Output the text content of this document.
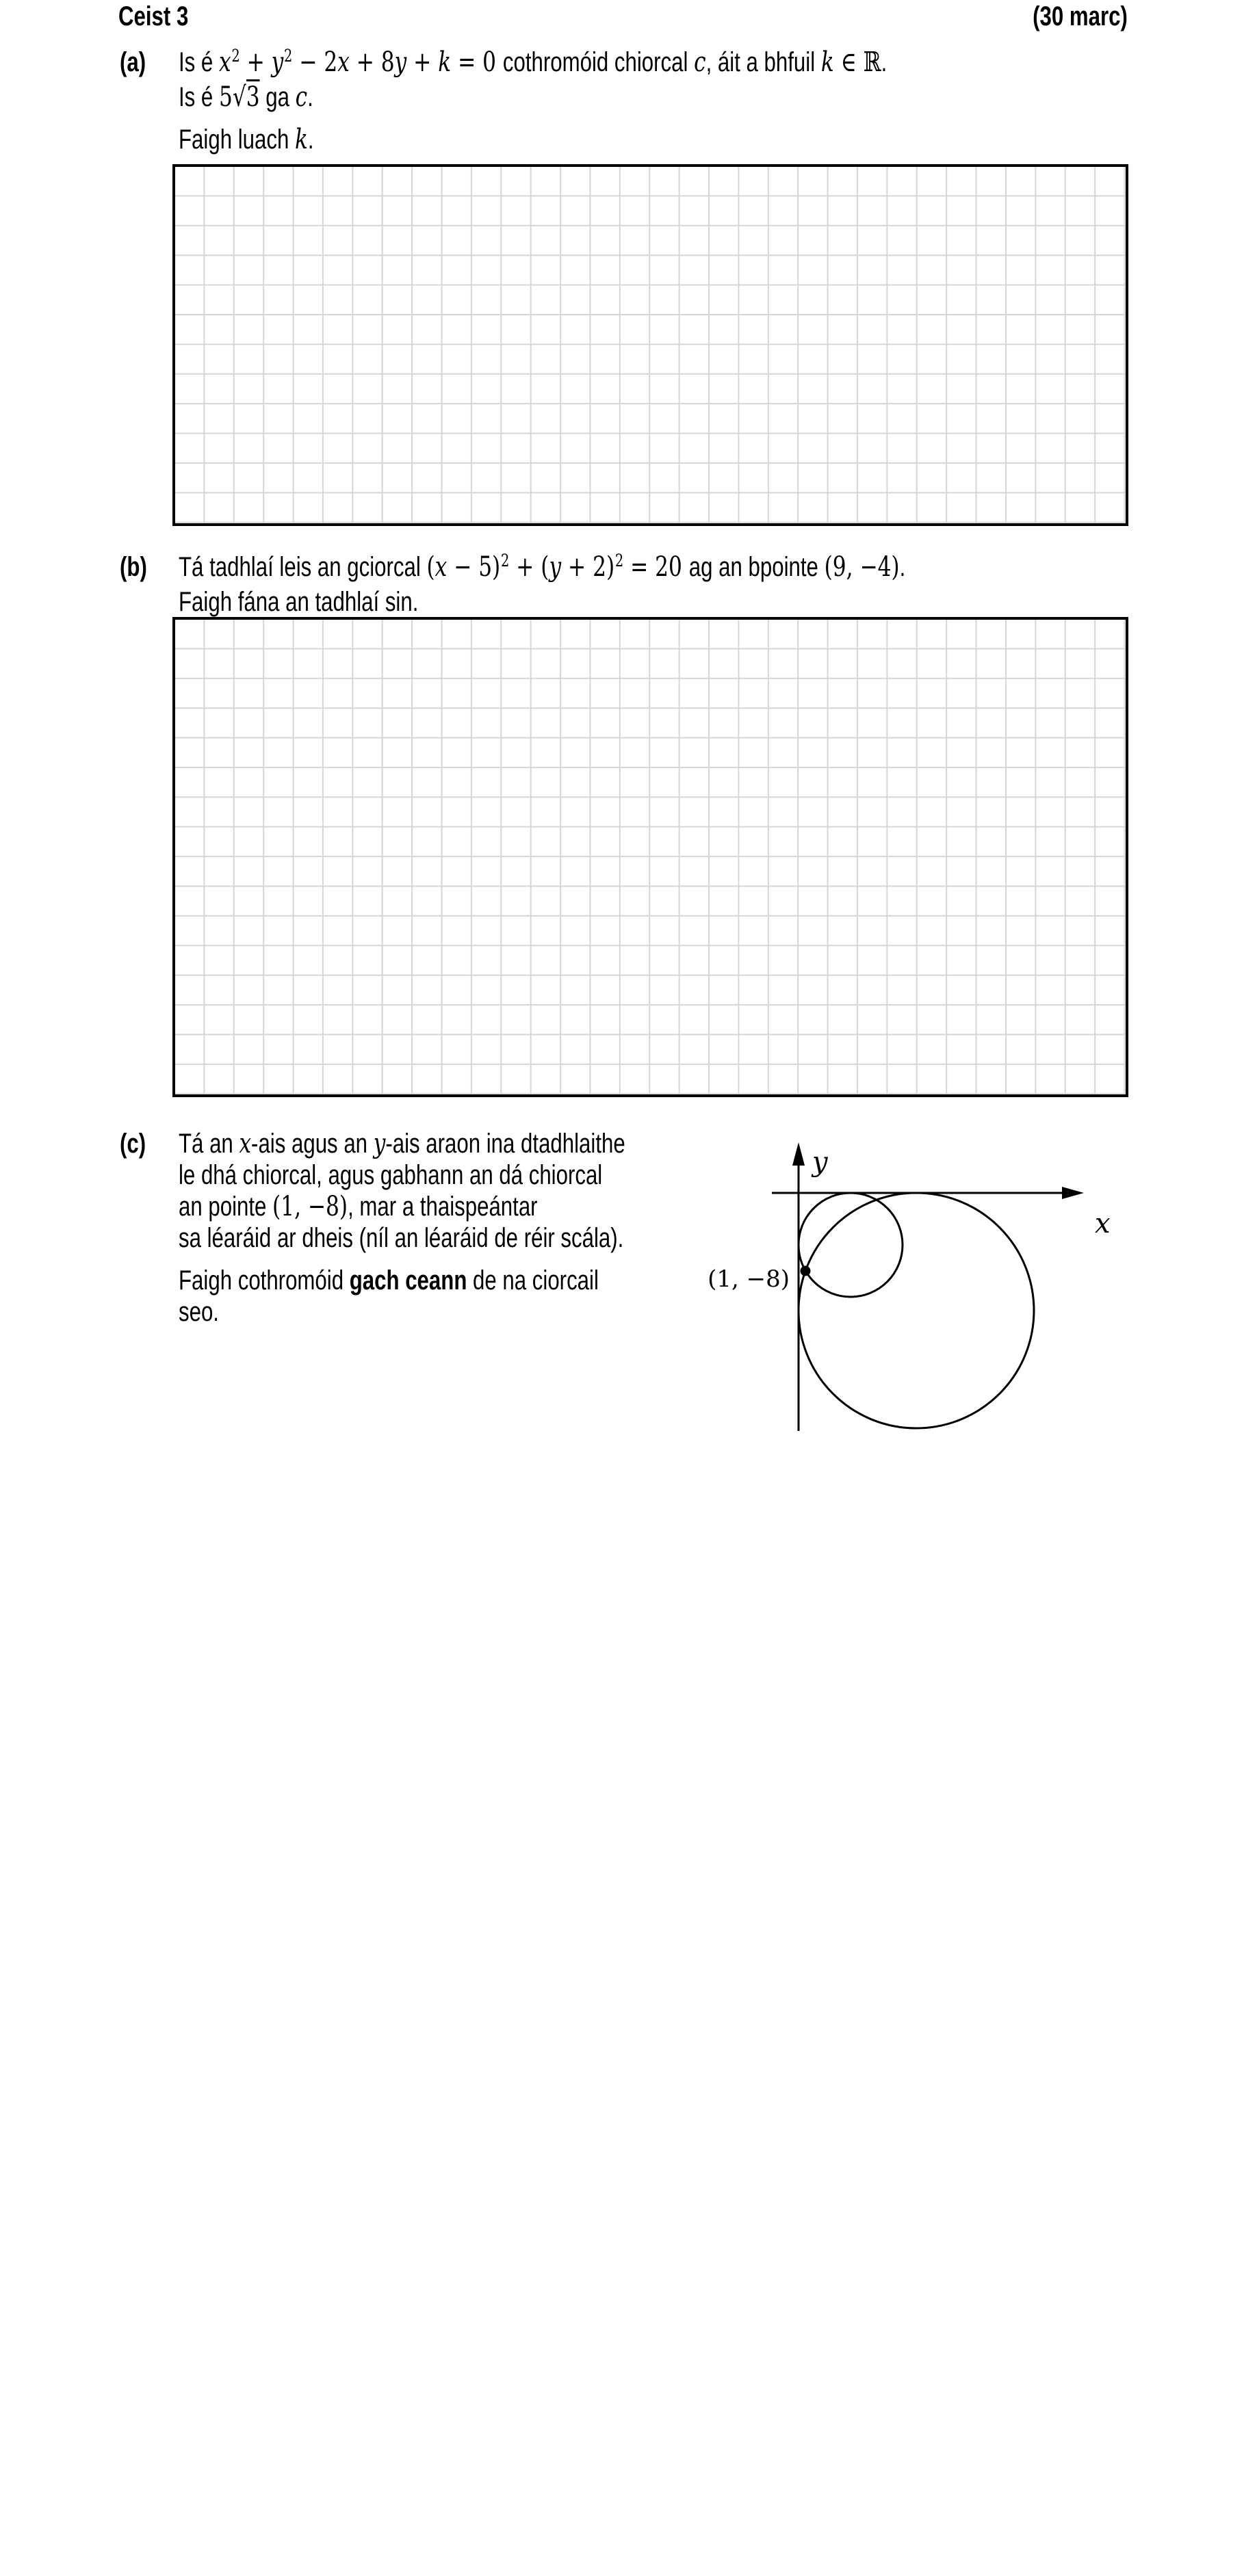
Ceist 3	(30 marc)
(a) Is é $x^2 + y^2 - 2x + 8y + k = 0$ cothromóid chiorcal c, áit a bhfuil k ∈ ℝ.
Is é 5√3 ga c.
Faigh luach k.
(b) Tá tadhlaí leis an gciorcal $(x - 5)^2 + (y + 2)^2 = 20$ ag an bpointe (9, −4).
Faigh fána an tadhlaí sin.
(c) Tá an x-ais agus an y-ais araon ina dtadhlaithe
le dhá chiorcal, agus gabhann an dá chiorcal
an pointe (1, −8), mar a thaispeántar
sa léaráid ar dheis (níl an léaráid de réir scála).
Faigh cothromóid gach ceann de na ciorcail
seo.
y
x
(1, −8)
